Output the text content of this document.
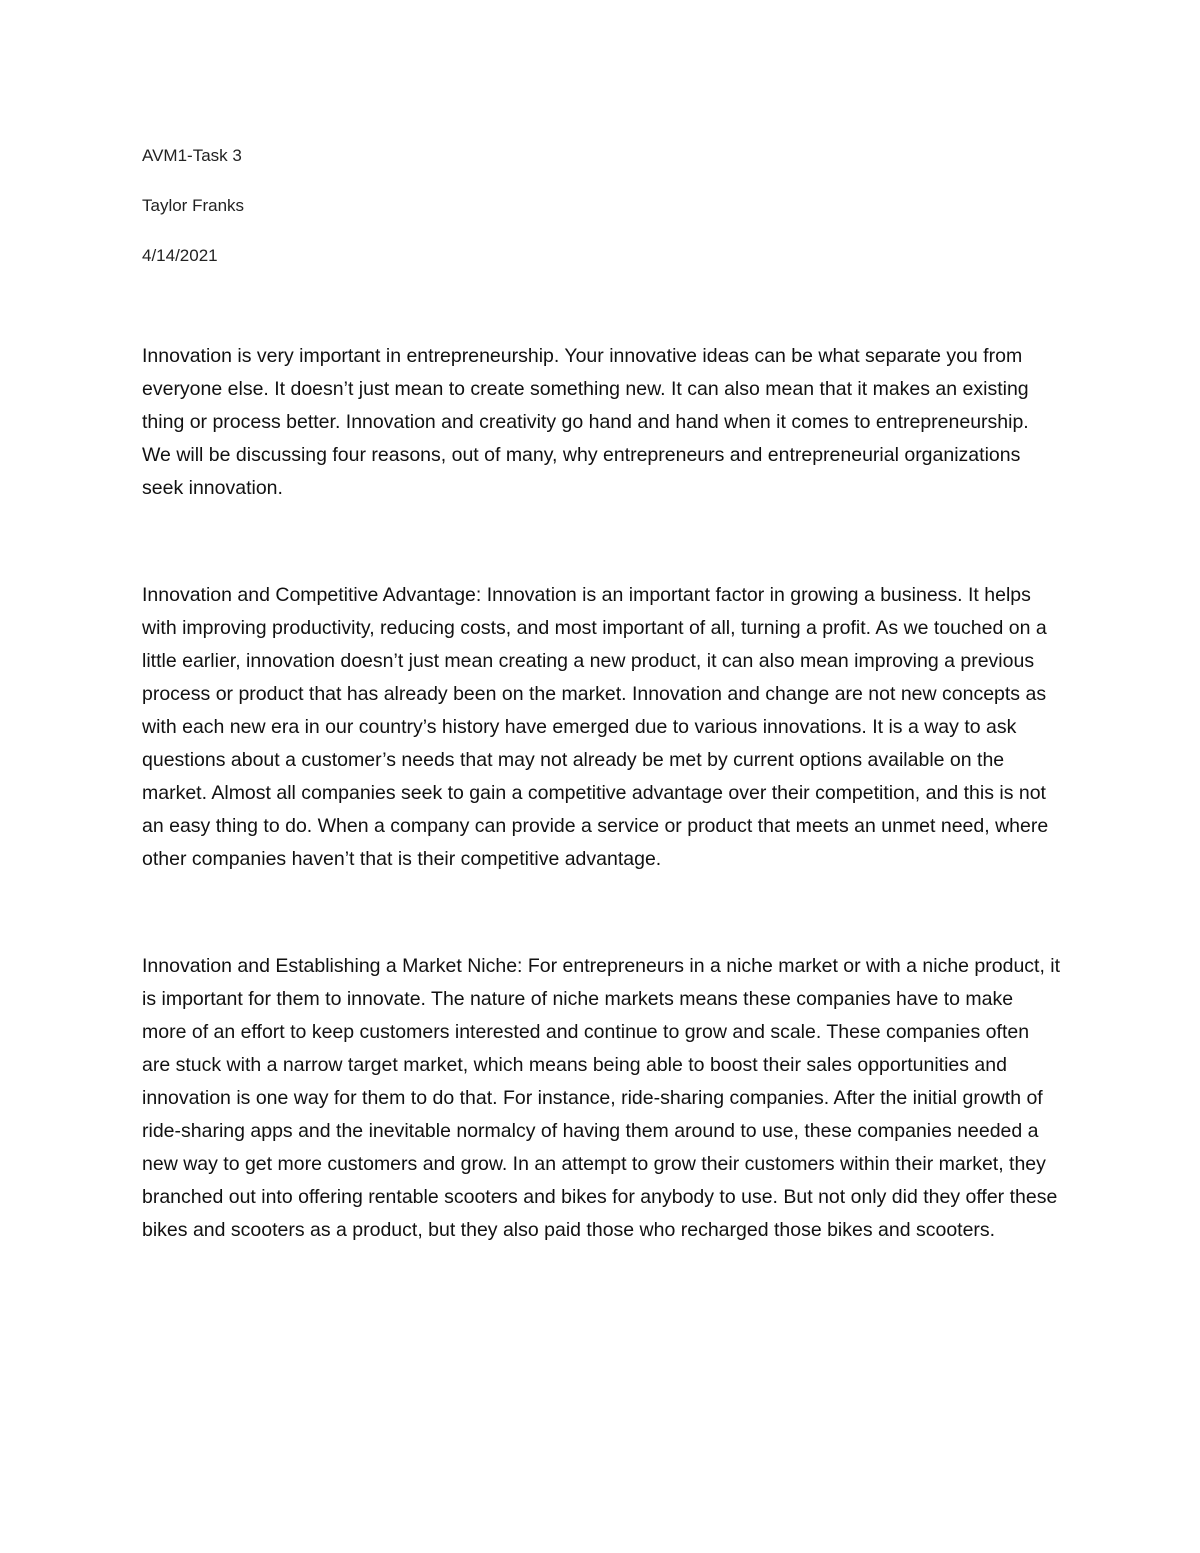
AVM1-Task 3
Taylor Franks
4/14/2021

Innovation is very important in entrepreneurship. Your innovative ideas can be what separate you from everyone else. It doesn’t just mean to create something new. It can also mean that it makes an existing thing or process better. Innovation and creativity go hand and hand when it comes to entrepreneurship. We will be discussing four reasons, out of many, why entrepreneurs and entrepreneurial organizations seek innovation.

Innovation and Competitive Advantage: Innovation is an important factor in growing a business. It helps with improving productivity, reducing costs, and most important of all, turning a profit. As we touched on a little earlier, innovation doesn’t just mean creating a new product, it can also mean improving a previous process or product that has already been on the market. Innovation and change are not new concepts as with each new era in our country’s history have emerged due to various innovations. It is a way to ask questions about a customer’s needs that may not already be met by current options available on the market. Almost all companies seek to gain a competitive advantage over their competition, and this is not an easy thing to do. When a company can provide a service or product that meets an unmet need, where other companies haven’t that is their competitive advantage.

Innovation and Establishing a Market Niche: For entrepreneurs in a niche market or with a niche product, it is important for them to innovate. The nature of niche markets means these companies have to make more of an effort to keep customers interested and continue to grow and scale. These companies often are stuck with a narrow target market, which means being able to boost their sales opportunities and innovation is one way for them to do that. For instance, ride-sharing companies. After the initial growth of ride-sharing apps and the inevitable normalcy of having them around to use, these companies needed a new way to get more customers and grow. In an attempt to grow their customers within their market, they branched out into offering rentable scooters and bikes for anybody to use. But not only did they offer these bikes and scooters as a product, but they also paid those who recharged those bikes and scooters.
